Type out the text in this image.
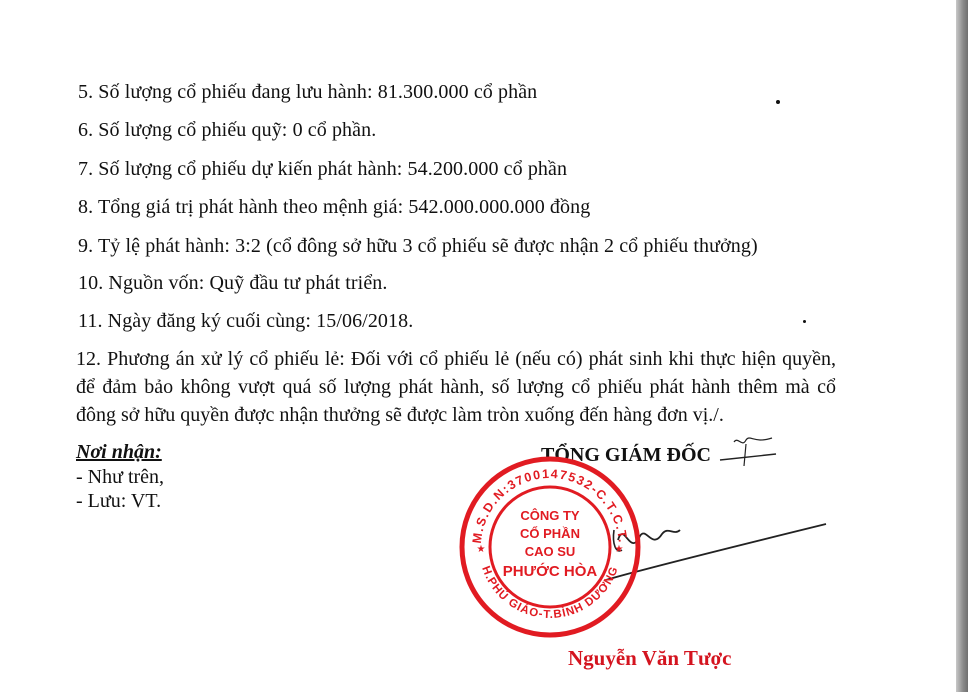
5. Số lượng cổ phiếu đang lưu hành: 81.300.000 cổ phần
6. Số lượng cổ phiếu quỹ: 0 cổ phần.
7. Số lượng cổ phiếu dự kiến phát hành: 54.200.000 cổ phần
8. Tổng giá trị phát hành theo mệnh giá: 542.000.000.000 đồng
9. Tỷ lệ phát hành: 3:2 (cổ đông sở hữu 3 cổ phiếu sẽ được nhận 2 cổ phiếu thưởng)
10. Nguồn vốn: Quỹ đầu tư phát triển.
11. Ngày đăng ký cuối cùng: 15/06/2018.
12. Phương án xử lý cổ phiếu lẻ: Đối với cổ phiếu lẻ (nếu có) phát sinh khi thực hiện quyền, để đảm bảo không vượt quá số lượng phát hành, số lượng cổ phiếu phát hành thêm mà cổ đông sở hữu quyền được nhận thưởng sẽ được làm tròn xuống đến hàng đơn vị./.
Nơi nhận:
- Như trên,
- Lưu: VT.
TỔNG GIÁM ĐỐC
M.S.D.N:3700147532-C.T.C.T.
H.PHÚ GIÁO-T.BÌNH DƯƠNG
★	★
CÔNG TY
CỔ PHẦN
CAO SU
PHƯỚC HÒA
Nguyễn Văn Tược
